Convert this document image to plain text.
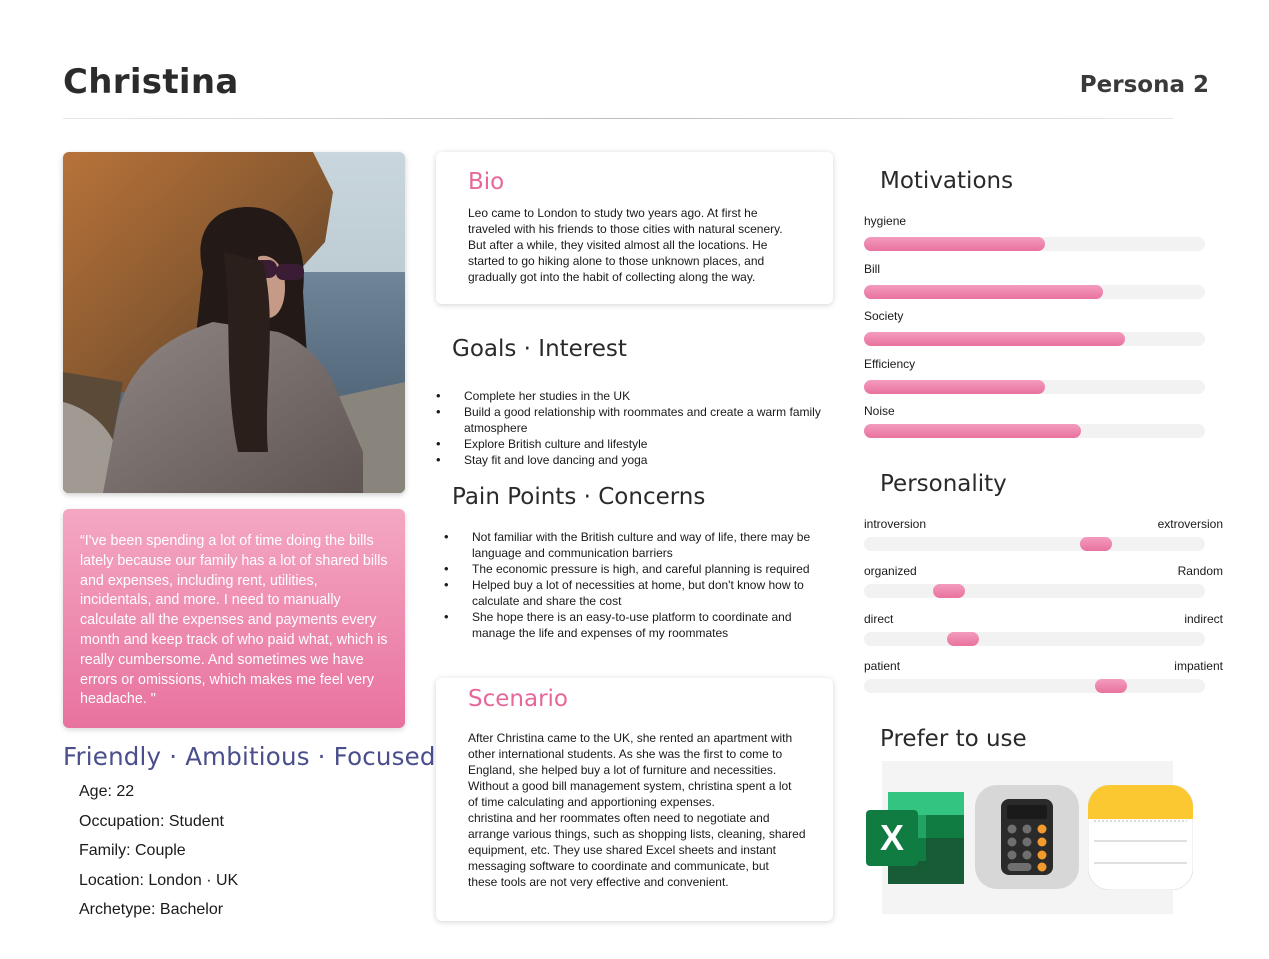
Christina	Persona 2
“I've been spending a lot of time doing the bills lately because our family has a lot of shared bills and expenses, including rent, utilities, incidentals, and more. I need to manually calculate all the expenses and payments every month and keep track of who paid what, which is really cumbersome. And sometimes we have errors or omissions, which makes me feel very headache. "
Friendly · Ambitious · Focused
Age: 22
Occupation: Student
Family: Couple
Location: London · UK
Archetype: Bachelor
Bio
Leo came to London to study two years ago. At first he
traveled with his friends to those cities with natural scenery.
But after a while, they visited almost all the locations. He
started to go hiking alone to those unknown places, and
gradually got into the habit of collecting along the way.
Goals · Interest
• Complete her studies in the UK
• Build a good relationship with roommates and create a warm family atmosphere
• Explore British culture and lifestyle
• Stay fit and love dancing and yoga
Pain Points · Concerns
• Not familiar with the British culture and way of life, there may be language and communication barriers
• The economic pressure is high, and careful planning is required
• Helped buy a lot of necessities at home, but don't know how to calculate and share the cost
• She hope there is an easy-to-use platform to coordinate and manage the life and expenses of my roommates
Scenario
After Christina came to the UK, she rented an apartment with
other international students. As she was the first to come to
England, she helped buy a lot of furniture and necessities.
Without a good bill management system, christina spent a lot
of time calculating and apportioning expenses.
christina and her roommates often need to negotiate and
arrange various things, such as shopping lists, cleaning, shared
equipment, etc. They use shared Excel sheets and instant
messaging software to coordinate and communicate, but
these tools are not very effective and convenient.
Motivations
hygiene
Bill
Society
Efficiency
Noise
Personality
introversion	extroversion
organized	Random
direct	indirect
patient	impatient
Prefer to use
X
